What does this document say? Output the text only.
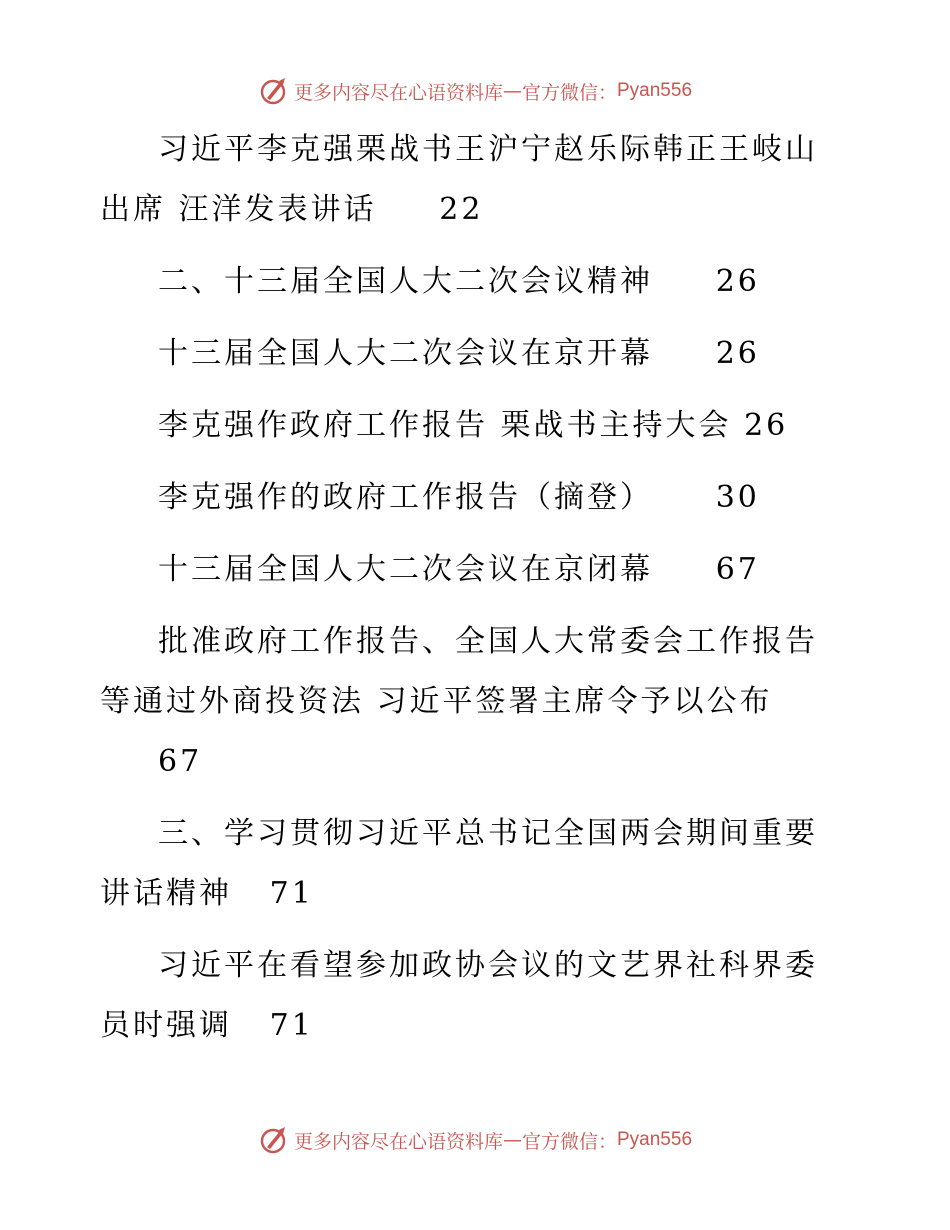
更多内容尽在心语资料库 — 官方微信： Pyan556

习近平李克强栗战书王沪宁赵乐际韩正王岐山出席 汪洋发表讲话 22

二、十三届全国人大二次会议精神 26

十三届全国人大二次会议在京开幕 26

李克强作政府工作报告 栗战书主持大会 26

李克强作的政府工作报告（摘登） 30

十三届全国人大二次会议在京闭幕 67

批准政府工作报告、全国人大常委会工作报告等通过外商投资法 习近平签署主席令予以公布
67

三、学习贯彻习近平总书记全国两会期间重要讲话精神 71

习近平在看望参加政协会议的文艺界社科界委员时强调 71

更多内容尽在心语资料库 — 官方微信： Pyan556
